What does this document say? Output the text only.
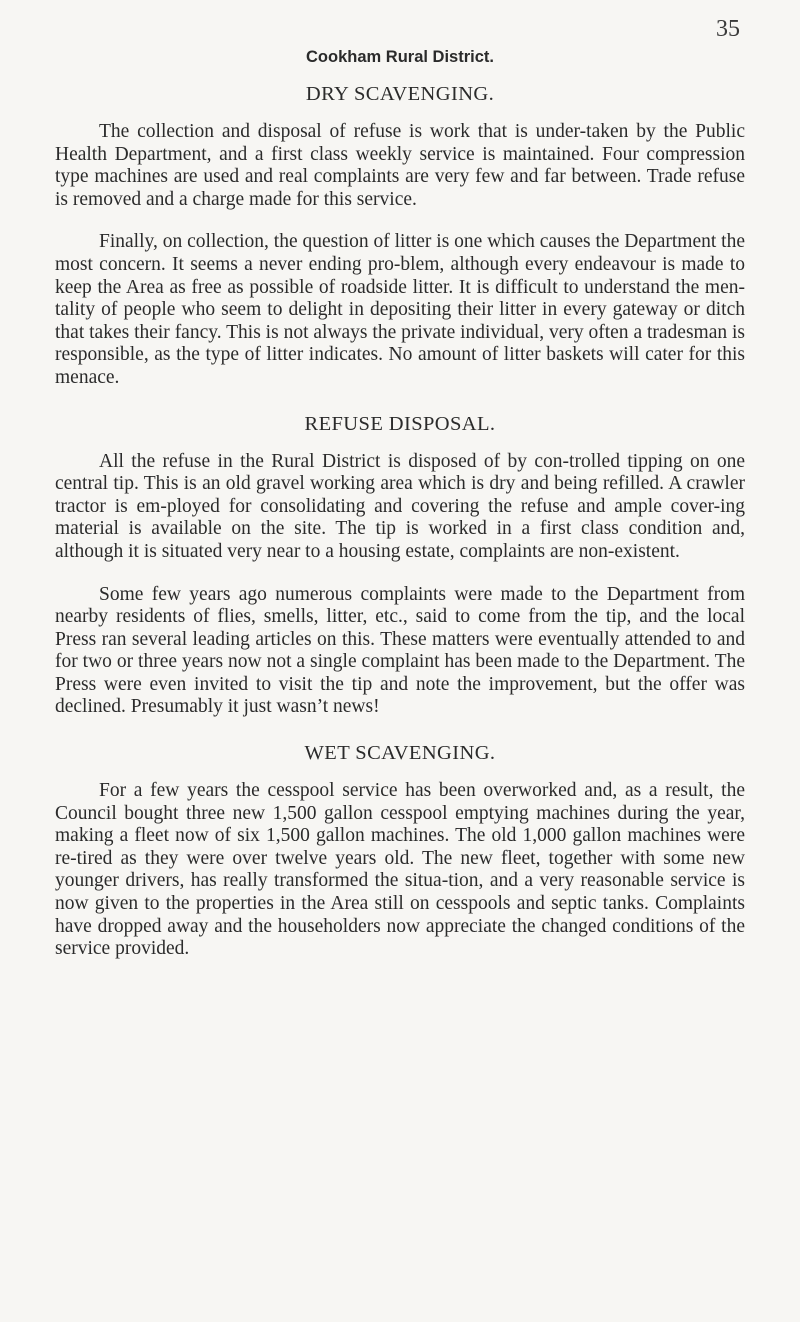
35
Cookham Rural District.
DRY SCAVENGING.

The collection and disposal of refuse is work that is under-taken by the Public Health Department, and a first class weekly service is maintained. Four compression type machines are used and real complaints are very few and far between. Trade refuse is removed and a charge made for this service.

Finally, on collection, the question of litter is one which causes the Department the most concern. It seems a never ending pro-blem, although every endeavour is made to keep the Area as free as possible of roadside litter. It is difficult to understand the men-tality of people who seem to delight in depositing their litter in every gateway or ditch that takes their fancy. This is not always the private individual, very often a tradesman is responsible, as the type of litter indicates. No amount of litter baskets will cater for this menace.

REFUSE DISPOSAL.

All the refuse in the Rural District is disposed of by con-trolled tipping on one central tip. This is an old gravel working area which is dry and being refilled. A crawler tractor is em-ployed for consolidating and covering the refuse and ample cover-ing material is available on the site. The tip is worked in a first class condition and, although it is situated very near to a housing estate, complaints are non-existent.

Some few years ago numerous complaints were made to the Department from nearby residents of flies, smells, litter, etc., said to come from the tip, and the local Press ran several leading articles on this. These matters were eventually attended to and for two or three years now not a single complaint has been made to the Department. The Press were even invited to visit the tip and note the improvement, but the offer was declined. Presumably it just wasn’t news!

WET SCAVENGING.

For a few years the cesspool service has been overworked and, as a result, the Council bought three new 1,500 gallon cesspool emptying machines during the year, making a fleet now of six 1,500 gallon machines. The old 1,000 gallon machines were re-tired as they were over twelve years old. The new fleet, together with some new younger drivers, has really transformed the situa-tion, and a very reasonable service is now given to the properties in the Area still on cesspools and septic tanks. Complaints have dropped away and the householders now appreciate the changed conditions of the service provided.
